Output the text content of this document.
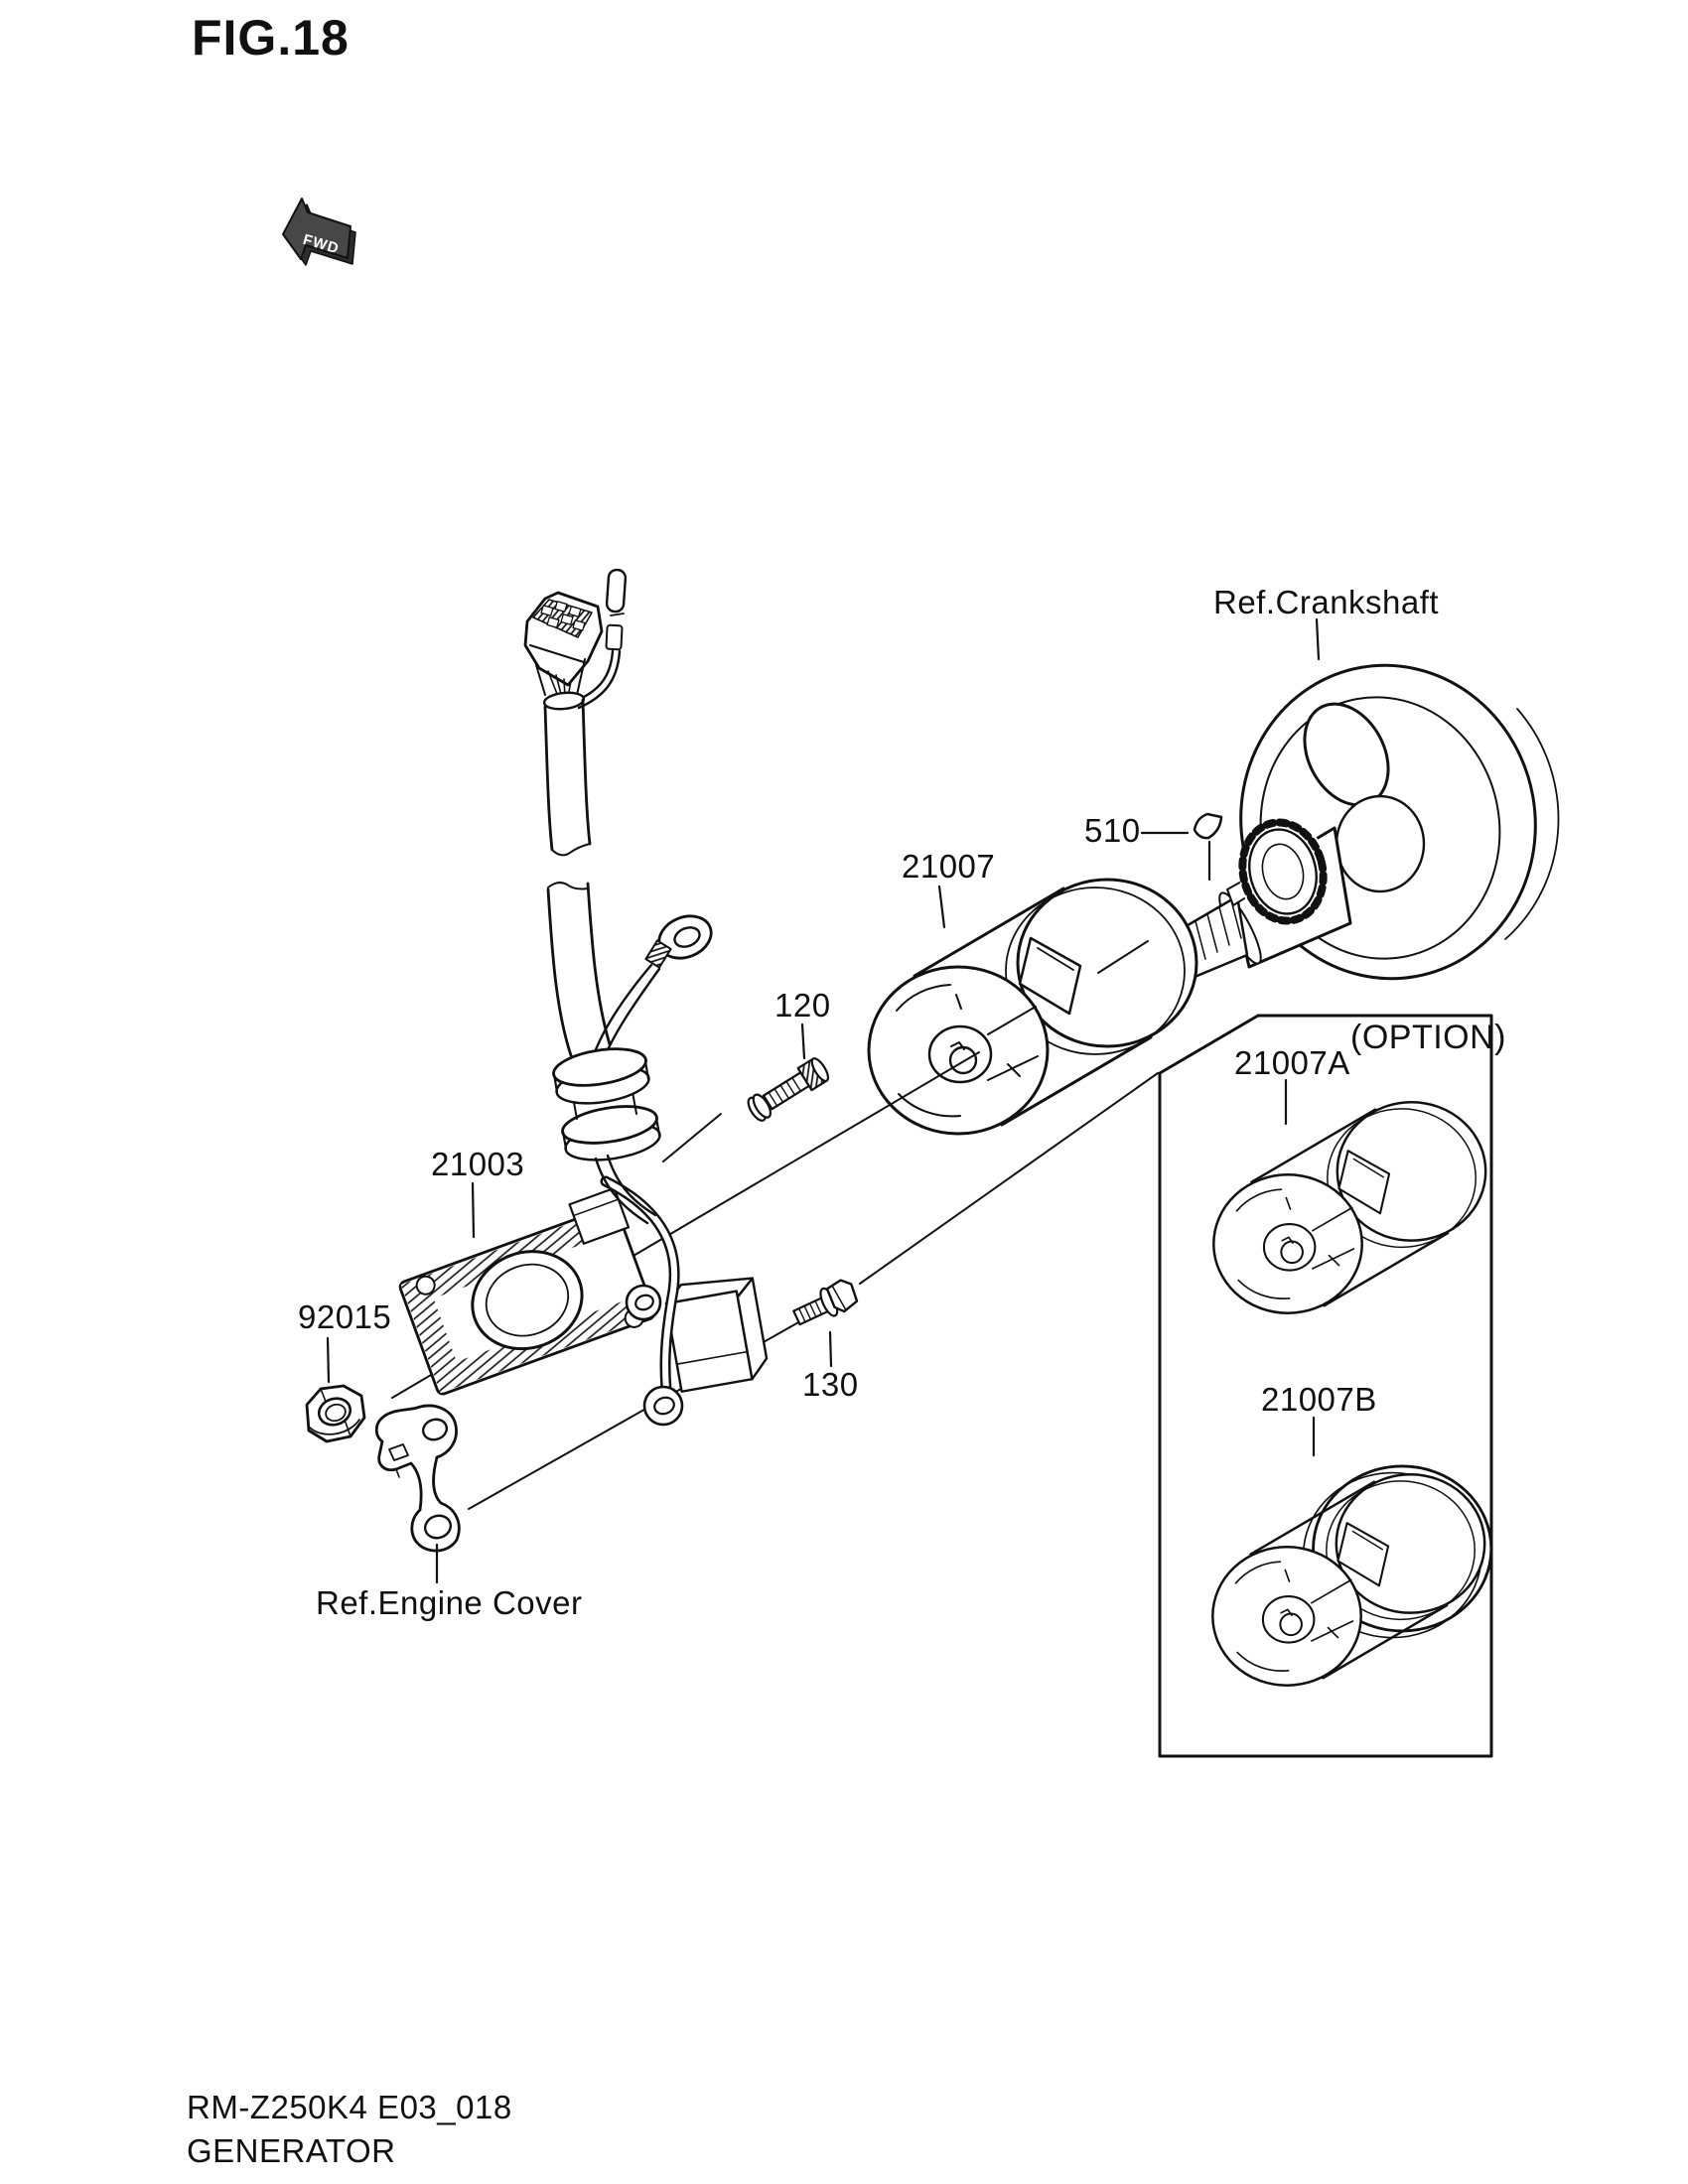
FWD
FIG.18
Ref.Crankshaft
510
21007
120
21003
92015
130
Ref.Engine Cover
(OPTION)
21007A
21007B
RM-Z250K4 E03_018
GENERATOR
